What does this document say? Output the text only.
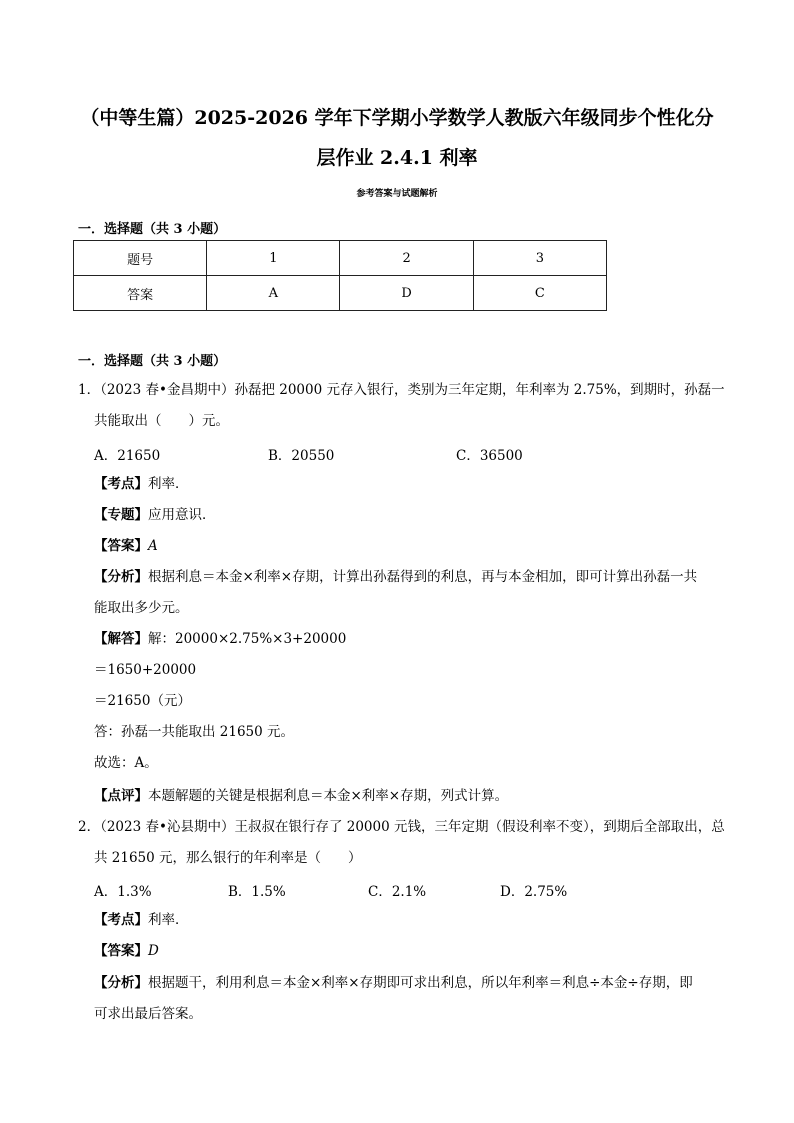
（中等生篇）2025-2026 学年下学期小学数学人教版六年级同步个性化分
层作业 2.4.1 利率
参考答案与试题解析
一．选择题（共 3 小题）
题号	1	2	3
答案	A	D	C
一．选择题（共 3 小题）
1．（2023 春•金昌期中）孙磊把 20000 元存入银行，类别为三年定期，年利率为 2.75%，到期时，孙磊一
共能取出（　　）元。
A．21650	B．20550	C．36500
【考点】利率．
【专题】应用意识．
【答案】A
【分析】根据利息＝本金×利率×存期，计算出孙磊得到的利息，再与本金相加，即可计算出孙磊一共
能取出多少元。
【解答】解：20000×2.75%×3+20000
＝1650+20000
＝21650（元）
答：孙磊一共能取出 21650 元。
故选：A。
【点评】本题解题的关键是根据利息＝本金×利率×存期，列式计算。
2．（2023 春•沁县期中）王叔叔在银行存了 20000 元钱，三年定期（假设利率不变），到期后全部取出，总
共 21650 元，那么银行的年利率是（　　）
A．1.3%	B．1.5%	C．2.1%	D．2.75%
【考点】利率．
【答案】D
【分析】根据题干，利用利息＝本金×利率×存期即可求出利息，所以年利率＝利息÷本金÷存期，即
可求出最后答案。
